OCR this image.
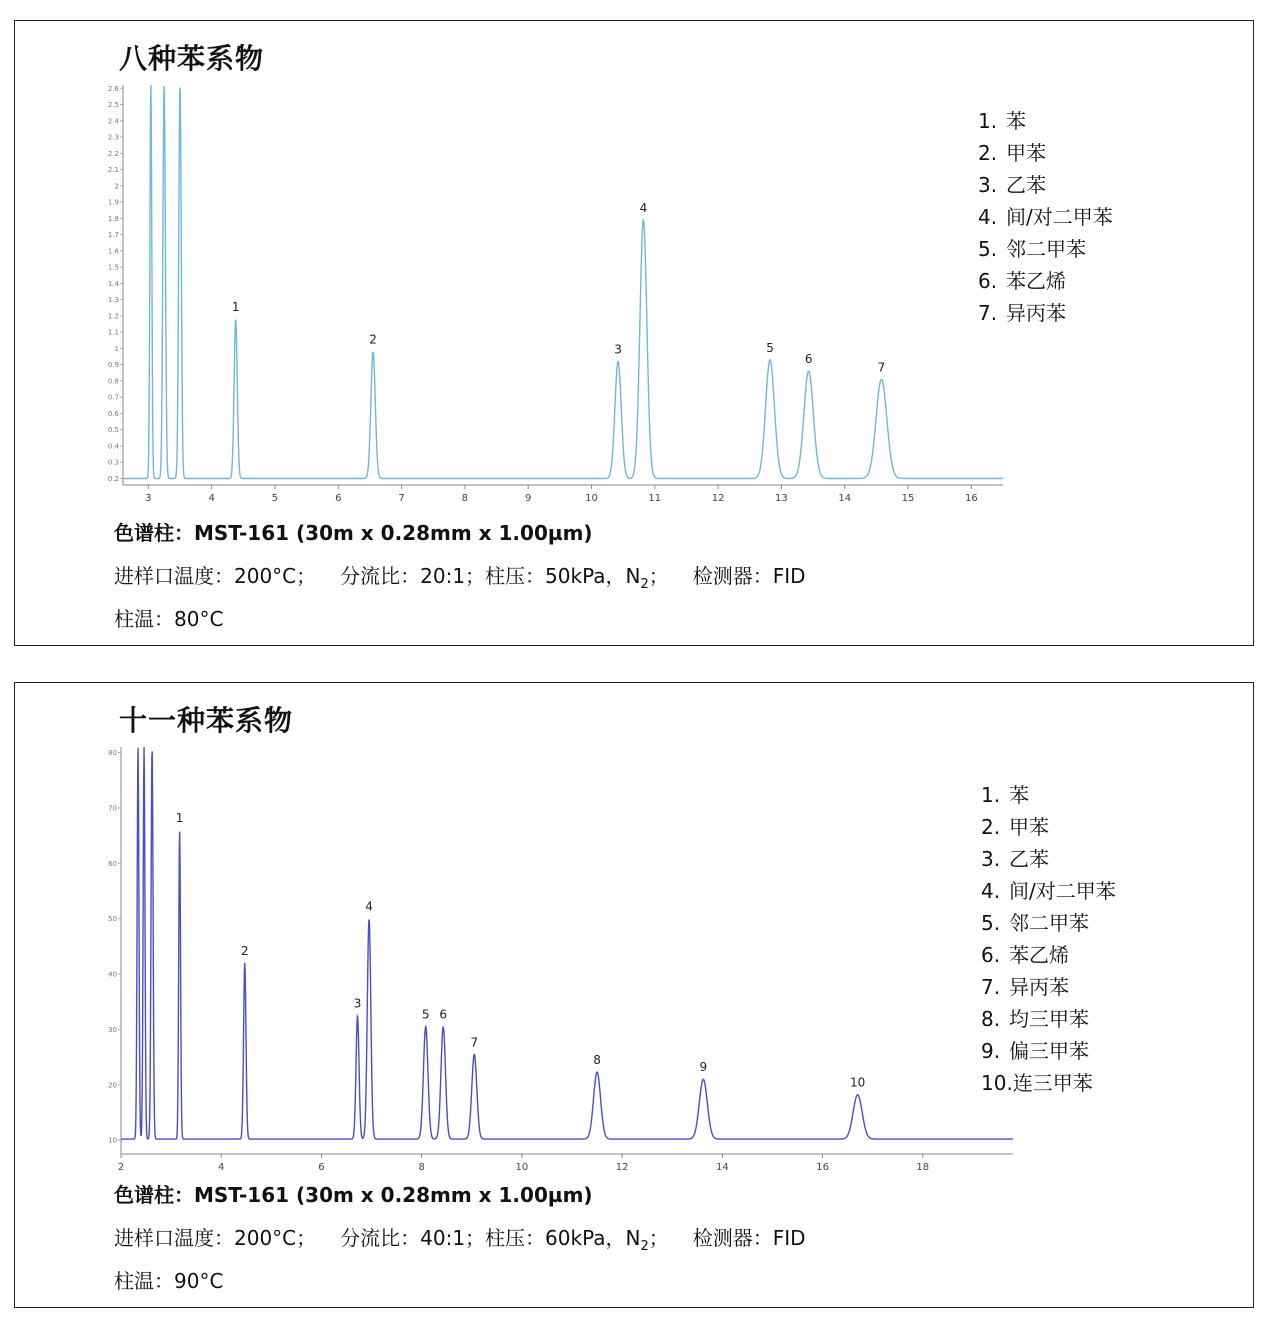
八种苯系物
3	4	5	6	7	8	9	10	11	12	13	14	15	16
0.2
0.3
0.4
0.5
0.6
0.7
0.8
0.9
1
1.1
1.2
1.3
1.4
1.5
1.6
1.7
1.8
1.9
2
2.1
2.2
2.3
2.4
2.5
2.6
1
2
3
4
5
6
7
1. 苯
2. 甲苯
3. 乙苯
4. 间/对二甲苯
5. 邻二甲苯
6. 苯乙烯
7. 异丙苯

色谱柱：MST-161 (30m x 0.28mm x 1.00µm)

进样口温度：200°C； 分流比：20:1；柱压：50kPa，$N_2$； 检测器：FID

柱温：80°C

十一种苯系物
2	4	6	8	10	12	14	16	18
10
20
30
40
50
60
70
80
1
2
3
4
5 6
7
8
9
10
1. 苯
2. 甲苯
3. 乙苯
4. 间/对二甲苯
5. 邻二甲苯
6. 苯乙烯
7. 异丙苯
8. 均三甲苯
9. 偏三甲苯
10.连三甲苯

色谱柱：MST-161 (30m x 0.28mm x 1.00µm)

进样口温度：200°C； 分流比：40:1；柱压：60kPa，$N_2$； 检测器：FID

柱温：90°C
